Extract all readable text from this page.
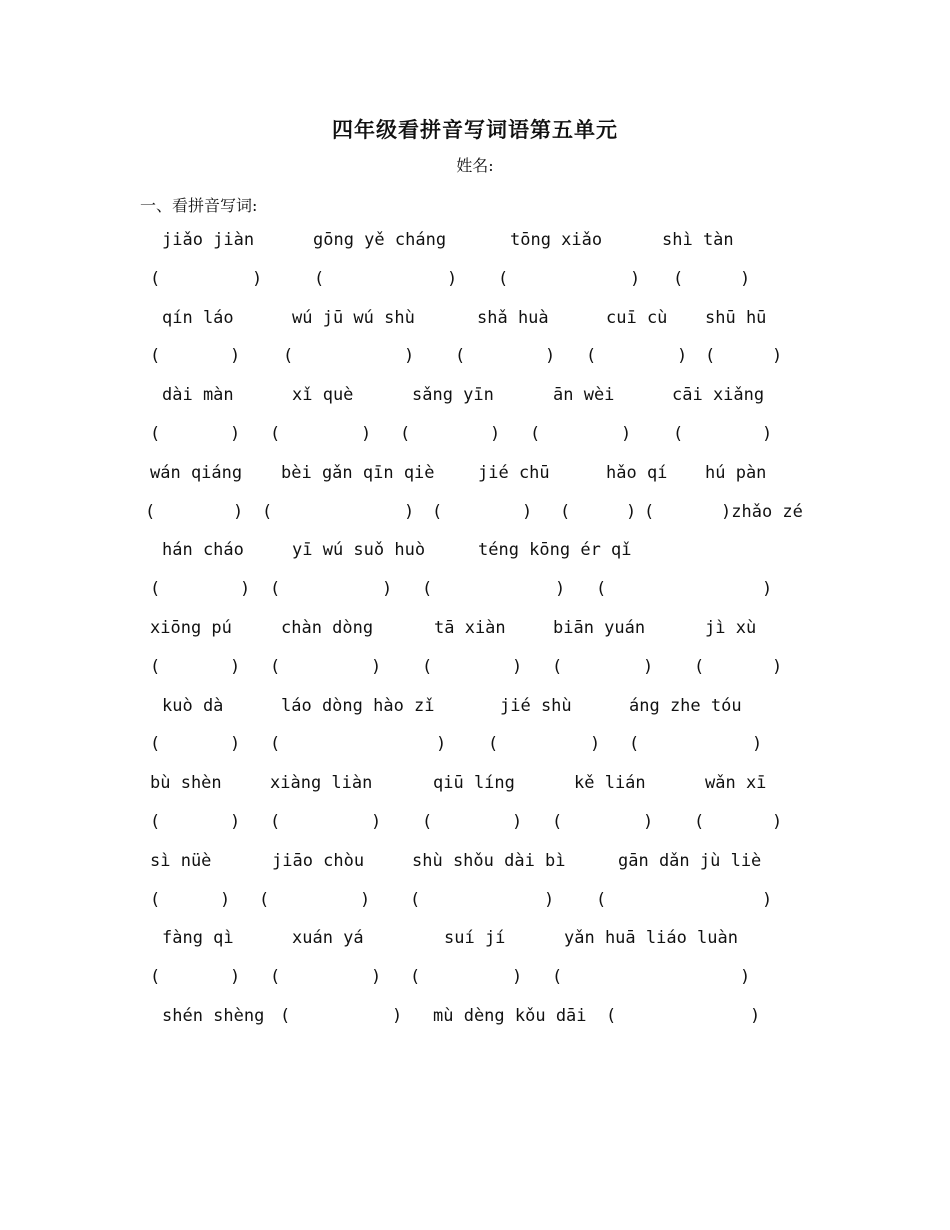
四年级看拼音写词语第五单元
姓名:
一、看拼音写词:
jiǎo jiàn	gōng yě cháng	tōng xiǎo	shì tàn
(	)	(	) (	) (	)
qín láo	wú jū wú shù	shǎ huà	cuī cù shū hū
(	)	(	) (	) (	) (	)
dài màn	xǐ què	sǎng yīn	ān wèi	cāi xiǎng
(	) (	) (	) (	) (	)
wán qiáng bèi gǎn qīn qiè	jié chū	hǎo qí hú pàn
(	) (	) (	) (	) (	)zhǎo zé
hán cháo	yī wú suǒ huò	téng kōng ér qǐ
(	) (	) (	) (	)
xiōng pú	chàn dòng	tā xiàn	biān yuán	jì xù
(	) (	) (	) (	) (	)
kuò dà	láo dòng hào zǐ	jié shù	áng zhe tóu
(	) (	) (	) (	)
bù shèn	xiàng liàn	qiū líng	kě lián	wǎn xī
(	) (	) (	) (	) (	)
sì nüè	jiāo chòu	shù shǒu dài bì	gān dǎn jù liè
(	) (	) (	) (	)
fàng qì	xuán yá	suí jí	yǎn huā liáo luàn
(	) (	) (	) (	)
shén shèng (	) mù dèng kǒu dāi (	)
